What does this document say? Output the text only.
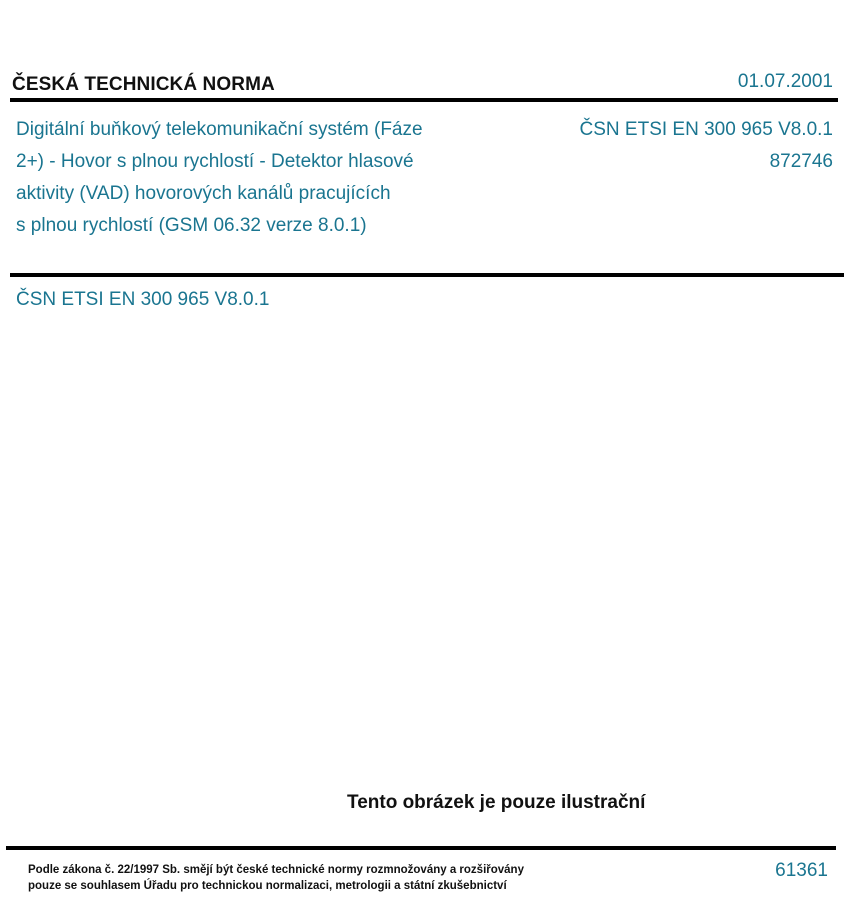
ČESKÁ TECHNICKÁ NORMA	01.07.2001
Digitální buňkový telekomunikační systém (Fáze
2+) - Hovor s plnou rychlostí - Detektor hlasové
aktivity (VAD) hovorových kanálů pracujících
s plnou rychlostí (GSM 06.32 verze 8.0.1)
ČSN ETSI EN 300 965 V8.0.1
872746
ČSN ETSI EN 300 965 V8.0.1
Tento obrázek je pouze ilustrační
Podle zákona č. 22/1997 Sb. smějí být české technické normy rozmnožovány a rozšiřovány
pouze se souhlasem Úřadu pro technickou normalizaci, metrologii a státní zkušebnictví
61361
